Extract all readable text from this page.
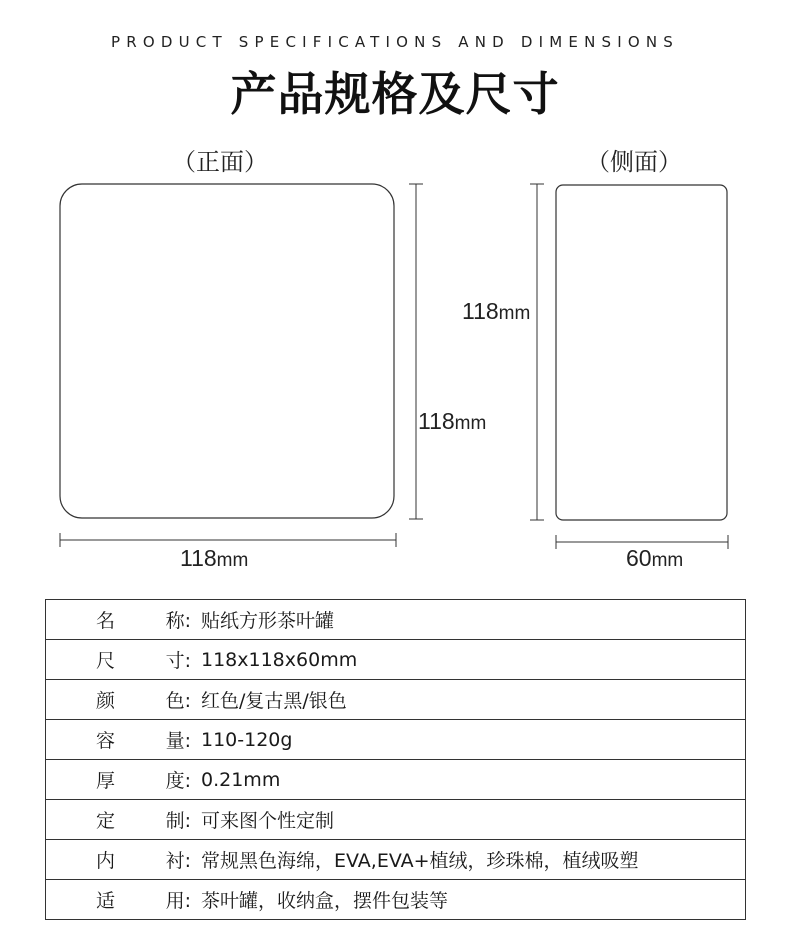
PRODUCT SPECIFICATIONS AND DIMENSIONS
产品规格及尺寸
（正面）	（侧面）
118mm
118mm
118mm
60mm
名	称: 贴纸方形茶叶罐

尺	寸: 118x118x60mm

颜	色: 红色/复古黑/银色

容	量: 110-120g

厚	度: 0.21mm

定	制: 可来图个性定制

内	衬: 常规黑色海绵，EVA,EVA+植绒，珍珠棉，植绒吸塑

适	用: 茶叶罐，收纳盒，摆件包装等
